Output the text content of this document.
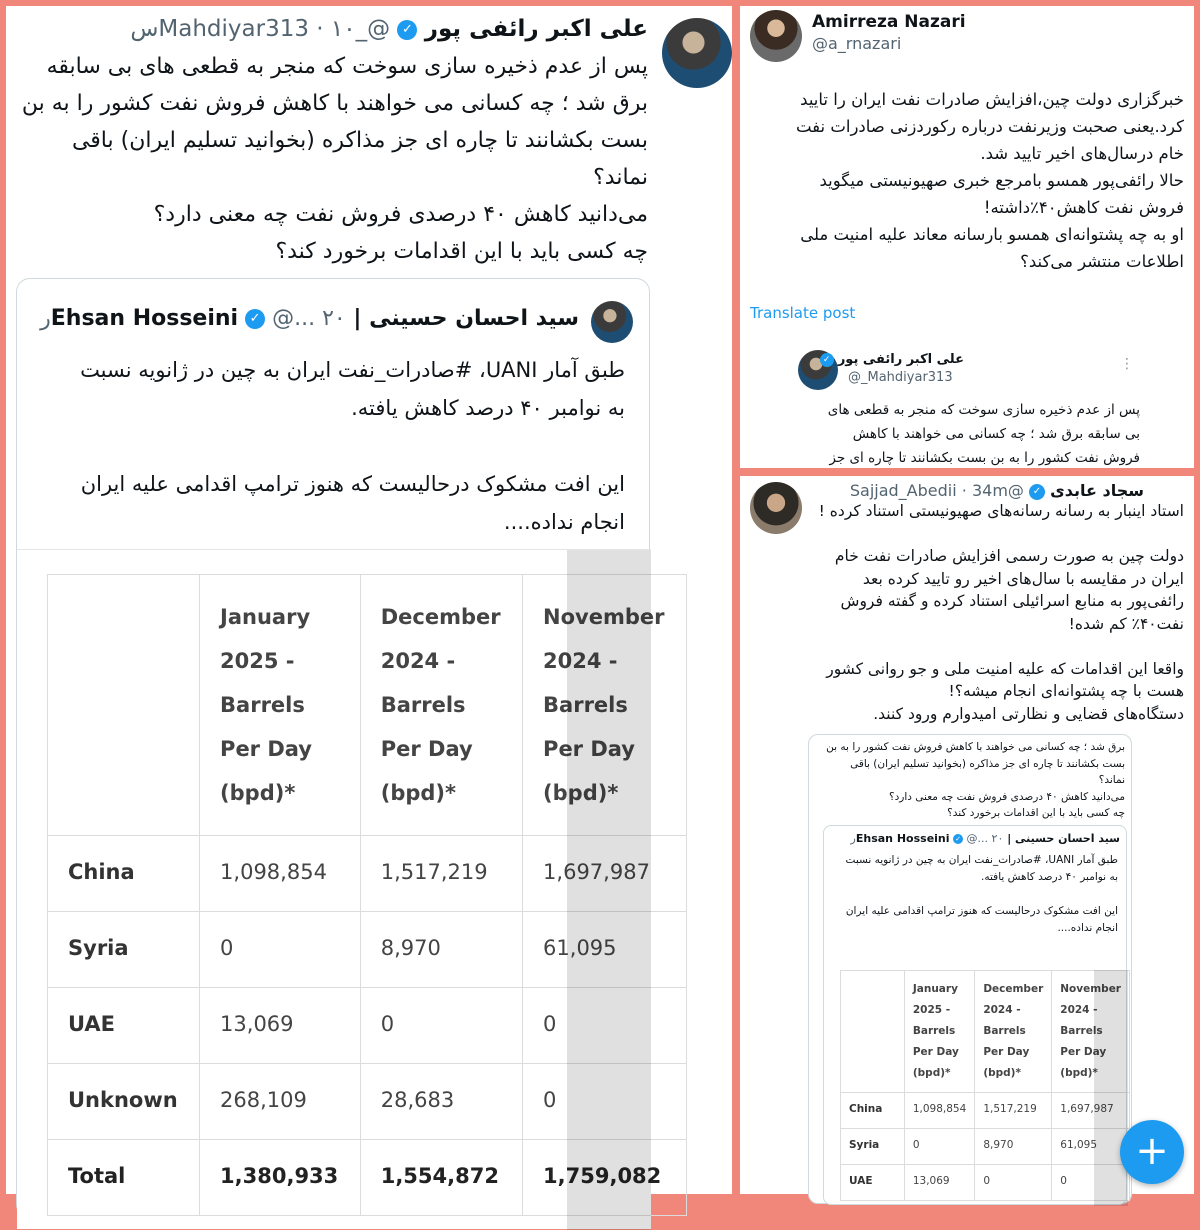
علی اکبر رائفی پور ✓ @_Mahdiyar313 · ۱۰س
پس از عدم ذخیره سازی سوخت که منجر به قطعی های بی سابقه
برق شد ؛ چه کسانی می خواهند با کاهش فروش نفت کشور را به بن
بست بکشانند تا چاره ای جز مذاکره (بخوانید تسلیم ایران) باقی
نماند؟
می‌دانید کاهش ۴۰ درصدی فروش نفت چه معنی دارد؟
چه کسی باید با این اقدامات برخورد کند؟
سید احسان حسینی | Ehsan Hosseini ✓ @... ۲۰ر
طبق آمار UANI، #صادرات_نفت ایران به چین در ژانویه نسبت
به نوامبر ۴۰ درصد کاهش یافته.

این افت مشکوک درحالیست که هنوز ترامپ اقدامی علیه ایران
انجام نداده....
	January
2025 -
Barrels
Per Day
(bpd)*	December
2024 -
Barrels
Per Day
(bpd)*	November
2024 -
Barrels
Per Day
(bpd)*
China	1,098,854	1,517,219	1,697,987
Syria	0	8,970	61,095
UAE	13,069	0	0
Unknown	268,109	28,683	0
Total	1,380,933	1,554,872	1,759,082
Amirreza Nazari
@a_rnazari
خبرگزاری دولت چین،افزایش صادرات نفت ایران را تایید
کرد.یعنی صحبت وزیرنفت درباره رکوردزنی صادرات نفت
خام درسال‌های اخیر تایید شد.
حالا رائفی‌پور همسو بامرجع خبری صهیونیستی میگوید
فروش نفت کاهش۴۰٪داشته!
او به چه پشتوانه‌ای همسو بارسانه معاند علیه امنیت ملی
اطلاعات منتشر می‌کند؟
Translate post
علی اکبر رائفی پور ✓
@_Mahdiyar313
⋮
پس از عدم ذخیره سازی سوخت که منجر به قطعی های
بی سابقه برق شد ؛ چه کسانی می خواهند با کاهش
فروش نفت کشور را به بن بست بکشانند تا چاره ای جز
سجاد عابدی ✓ @Sajjad_Abedii · 34m
استاد اینبار به رسانه رسانه‌های صهیونیستی استناد کرده !

دولت چین به صورت رسمی افزایش صادرات نفت خام
ایران در مقایسه با سال‌های اخیر رو تایید کرده بعد
رائفی‌پور به منابع اسرائیلی استناد کرده و گفته فروش
نفت۴۰٪ کم شده!

واقعا این اقدامات که علیه امنیت ملی و جو روانی کشور
هست با چه پشتوانه‌ای انجام میشه؟!
دستگاه‌های قضایی و نظارتی امیدوارم ورود کنند.
برق شد ؛ چه کسانی می خواهند با کاهش فروش نفت کشور را به بن
بست بکشانند تا چاره ای جز مذاکره (بخوانید تسلیم ایران) باقی
نماند؟
می‌دانید کاهش ۴۰ درصدی فروش نفت چه معنی دارد؟
چه کسی باید با این اقدامات برخورد کند؟
سید احسان حسینی | Ehsan Hosseini ✓ @... ۲۰ر
طبق آمار UANI، #صادرات_نفت ایران به چین در ژانویه نسبت
به نوامبر ۴۰ درصد کاهش یافته.

این افت مشکوک درحالیست که هنوز ترامپ اقدامی علیه ایران
انجام نداده....
	January
2025 -
Barrels
Per Day
(bpd)*	December
2024 -
Barrels
Per Day
(bpd)*	November
2024 -
Barrels
Per Day
(bpd)*
China	1,098,854	1,517,219	1,697,987
Syria	0	8,970	61,095
UAE	13,069	0	0
+
